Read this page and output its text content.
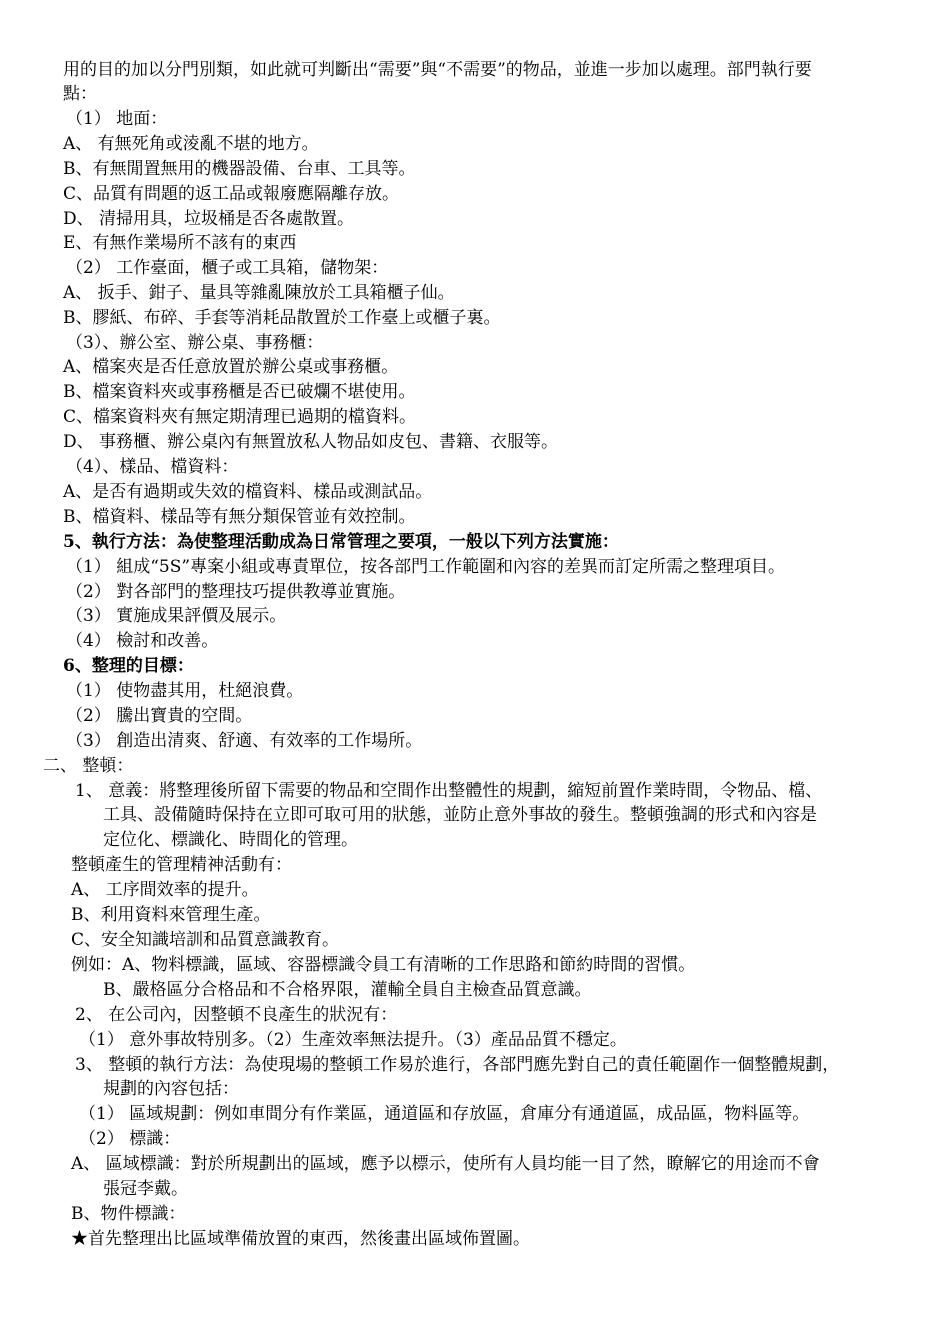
用的目的加以分門別類，如此就可判斷出“需要”與“不需要”的物品，並進一步加以處理。部門執行要
點：
（1） 地面：
A、 有無死角或淩亂不堪的地方。
B、有無閒置無用的機器設備、台車、工具等。
C、品質有問題的返工品或報廢應隔離存放。
D、 清掃用具，垃圾桶是否各處散置。
E、有無作業場所不該有的東西
（2） 工作臺面，櫃子或工具箱，儲物架：
A、 扳手、鉗子、量具等雜亂陳放於工具箱櫃子仙。
B、膠紙、布碎、手套等消耗品散置於工作臺上或櫃子裏。
（3）、辦公室、辦公桌、事務櫃：
A、檔案夾是否任意放置於辦公桌或事務櫃。
B、檔案資料夾或事務櫃是否已破爛不堪使用。
C、檔案資料夾有無定期清理已過期的檔資料。
D、 事務櫃、辦公桌內有無置放私人物品如皮包、書籍、衣服等。
（4）、樣品、檔資料：
A、是否有過期或失效的檔資料、樣品或測試品。
B、檔資料、樣品等有無分類保管並有效控制。
5、執行方法：為使整理活動成為日常管理之要項，一般以下列方法實施：
（1） 組成“5S”專案小組或專責單位，按各部門工作範圍和內容的差異而訂定所需之整理項目。
（2） 對各部門的整理技巧提供教導並實施。
（3） 實施成果評價及展示。
（4） 檢討和改善。
6、整理的目標：
（1） 使物盡其用，杜絕浪費。
（2） 騰出寶貴的空間。
（3） 創造出清爽、舒適、有效率的工作場所。
二、 整頓：
1、 意義：將整理後所留下需要的物品和空間作出整體性的規劃，縮短前置作業時間，令物品、檔、
工具、設備隨時保持在立即可取可用的狀態，並防止意外事故的發生。整頓強調的形式和內容是
定位化、標識化、時間化的管理。
整頓產生的管理精神活動有：
A、 工序間效率的提升。
B、利用資料來管理生產。
C、安全知識培訓和品質意識教育。
例如：A、物料標識，區域、容器標識令員工有清晰的工作思路和節約時間的習慣。
B、嚴格區分合格品和不合格界限，灌輸全員自主檢查品質意識。
2、 在公司內，因整頓不良產生的狀況有：
（1） 意外事故特別多。（2）生產效率無法提升。（3）產品品質不穩定。
3、 整頓的執行方法：為使現場的整頓工作易於進行，各部門應先對自己的責任範圍作一個整體規劃，
規劃的內容包括：
（1） 區域規劃：例如車間分有作業區，通道區和存放區，倉庫分有通道區，成品區，物料區等。
（2） 標識：
A、 區域標識：對於所規劃出的區域，應予以標示，使所有人員均能一目了然，瞭解它的用途而不會
張冠李戴。
B、物件標識：
★首先整理出比區域準備放置的東西，然後畫出區域佈置圖。
